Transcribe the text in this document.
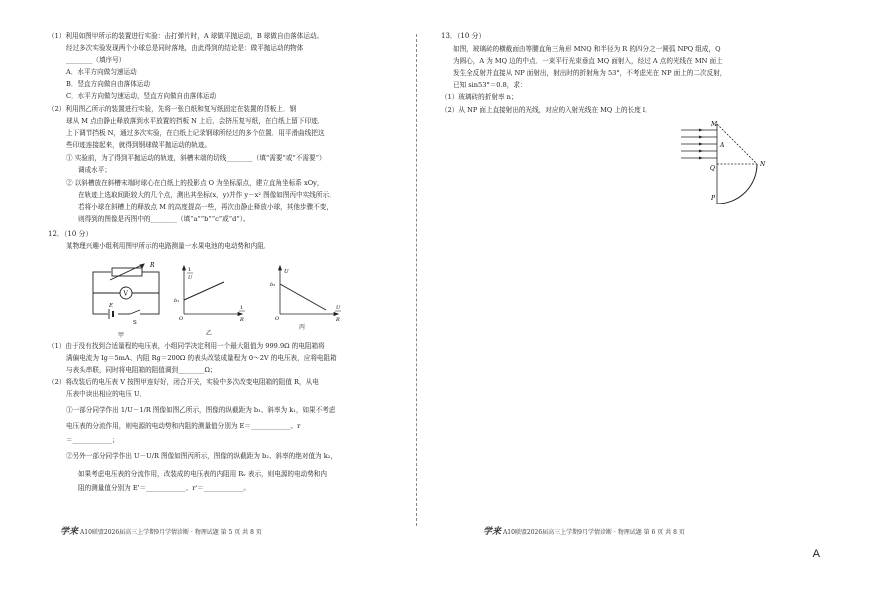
（1）利用如图甲所示的装置进行实验：击打弹片时，A 球做平抛运动，B 球做自由落体运动。
经过多次实验发现两个小球总是同时落地，由此得到的结论是：做平抛运动的物体
________（填序号）
A．水平方向做匀速运动
B．竖直方向做自由落体运动
C．水平方向做匀速运动，竖直方向做自由落体运动
（2）利用图乙所示的装置进行实验，先将一张白纸和复写纸固定在装置的背板上．钢
球从 M 点由静止释放落到水平放置的挡板 N 上后，会挤压复写纸，在白纸上留下印迹．
上下调节挡板 N，通过多次实验，在白纸上记录钢球所经过的多个位置．用平滑曲线把这
些印迹连接起来，就得到钢球做平抛运动的轨迹。
① 实验前，为了得到平抛运动的轨迹，斜槽末端的切线________（填“需要”或“不需要”）
调成水平；
② 以斜槽放在斜槽末端时球心在白纸上的投影点 O 为坐标原点，建立直角坐标系 xOy，
在轨迹上选取间距较大的几个点，测出其坐标(x，y)并作 y－x² 图像如图丙中实线所示．
若将小球在斜槽上的释放点 M 的高度提高一些，再次由静止释放小球，其他步骤不变，
则得到的图像是丙图中的________（填“a”“b”“c”或“d”）。
12．（10 分）
某物理兴趣小组利用图甲所示的电路测量一水果电池的电动势和内阻．
R
V
E
S
甲
1
U
b₁
1
R
O
乙
U
b₂
U
R
O
丙
（1）由于没有找到合适量程的电压表，小组同学决定利用一个最大阻值为 999.9Ω 的电阻箱将
满偏电流为 Iɡ＝5mA、内阻 Rɡ＝200Ω 的表头改装成量程为 0～2V 的电压表，应将电阻箱
与表头串联，同时将电阻箱的阻值调到________Ω；
（2）将改装后的电压表 V 按图甲连好好，闭合开关，实验中多次改变电阻箱的阻值 R，从电
压表中读出相应的电压 U．
①一部分同学作出 1/U－1/R 图像如图乙所示，图像的纵截距为 b₁、斜率为 k₁，如果不考虑
电压表的分流作用，则电源的电动势和内阻的测量值分别为 E＝____________、r
＝____________；
②另外一部分同学作出 U－U/R 图像如图丙所示，图像的纵截距为 b₂、斜率的绝对值为 k₂，
如果考虑电压表的分流作用，改装成的电压表的内阻用 Rᵥ 表示，则电源的电动势和内
阻的测量值分别为 E'＝____________、r'＝____________。
学来 A10联盟2026届高三上学期9月学情诊断 · 物理试题 第 5 页 共 8 页
13．（10 分）
如图，玻璃砖的横截面由等腰直角三角形 MNQ 和半径为 R 的四分之一圆弧 NPQ 组成，Q
为圆心，A 为 MQ 边的中点．一束平行光束垂直 MQ 面射入，经过 A 点的光线在 MN 面上
发生全反射并直接从 NP 面射出，射出时的折射角为 53°，不考虑光在 NP 面上的二次反射，
已知 sin53°＝0.8，求：
（1）玻璃砖的折射率 n；
（2）从 NP 面上直接射出的光线，对应的入射光线在 MQ 上的长度 l．
M
A
Q
N
P
学来 A10联盟2026届高三上学期9月学情诊断 · 物理试题 第 6 页 共 8 页
A
